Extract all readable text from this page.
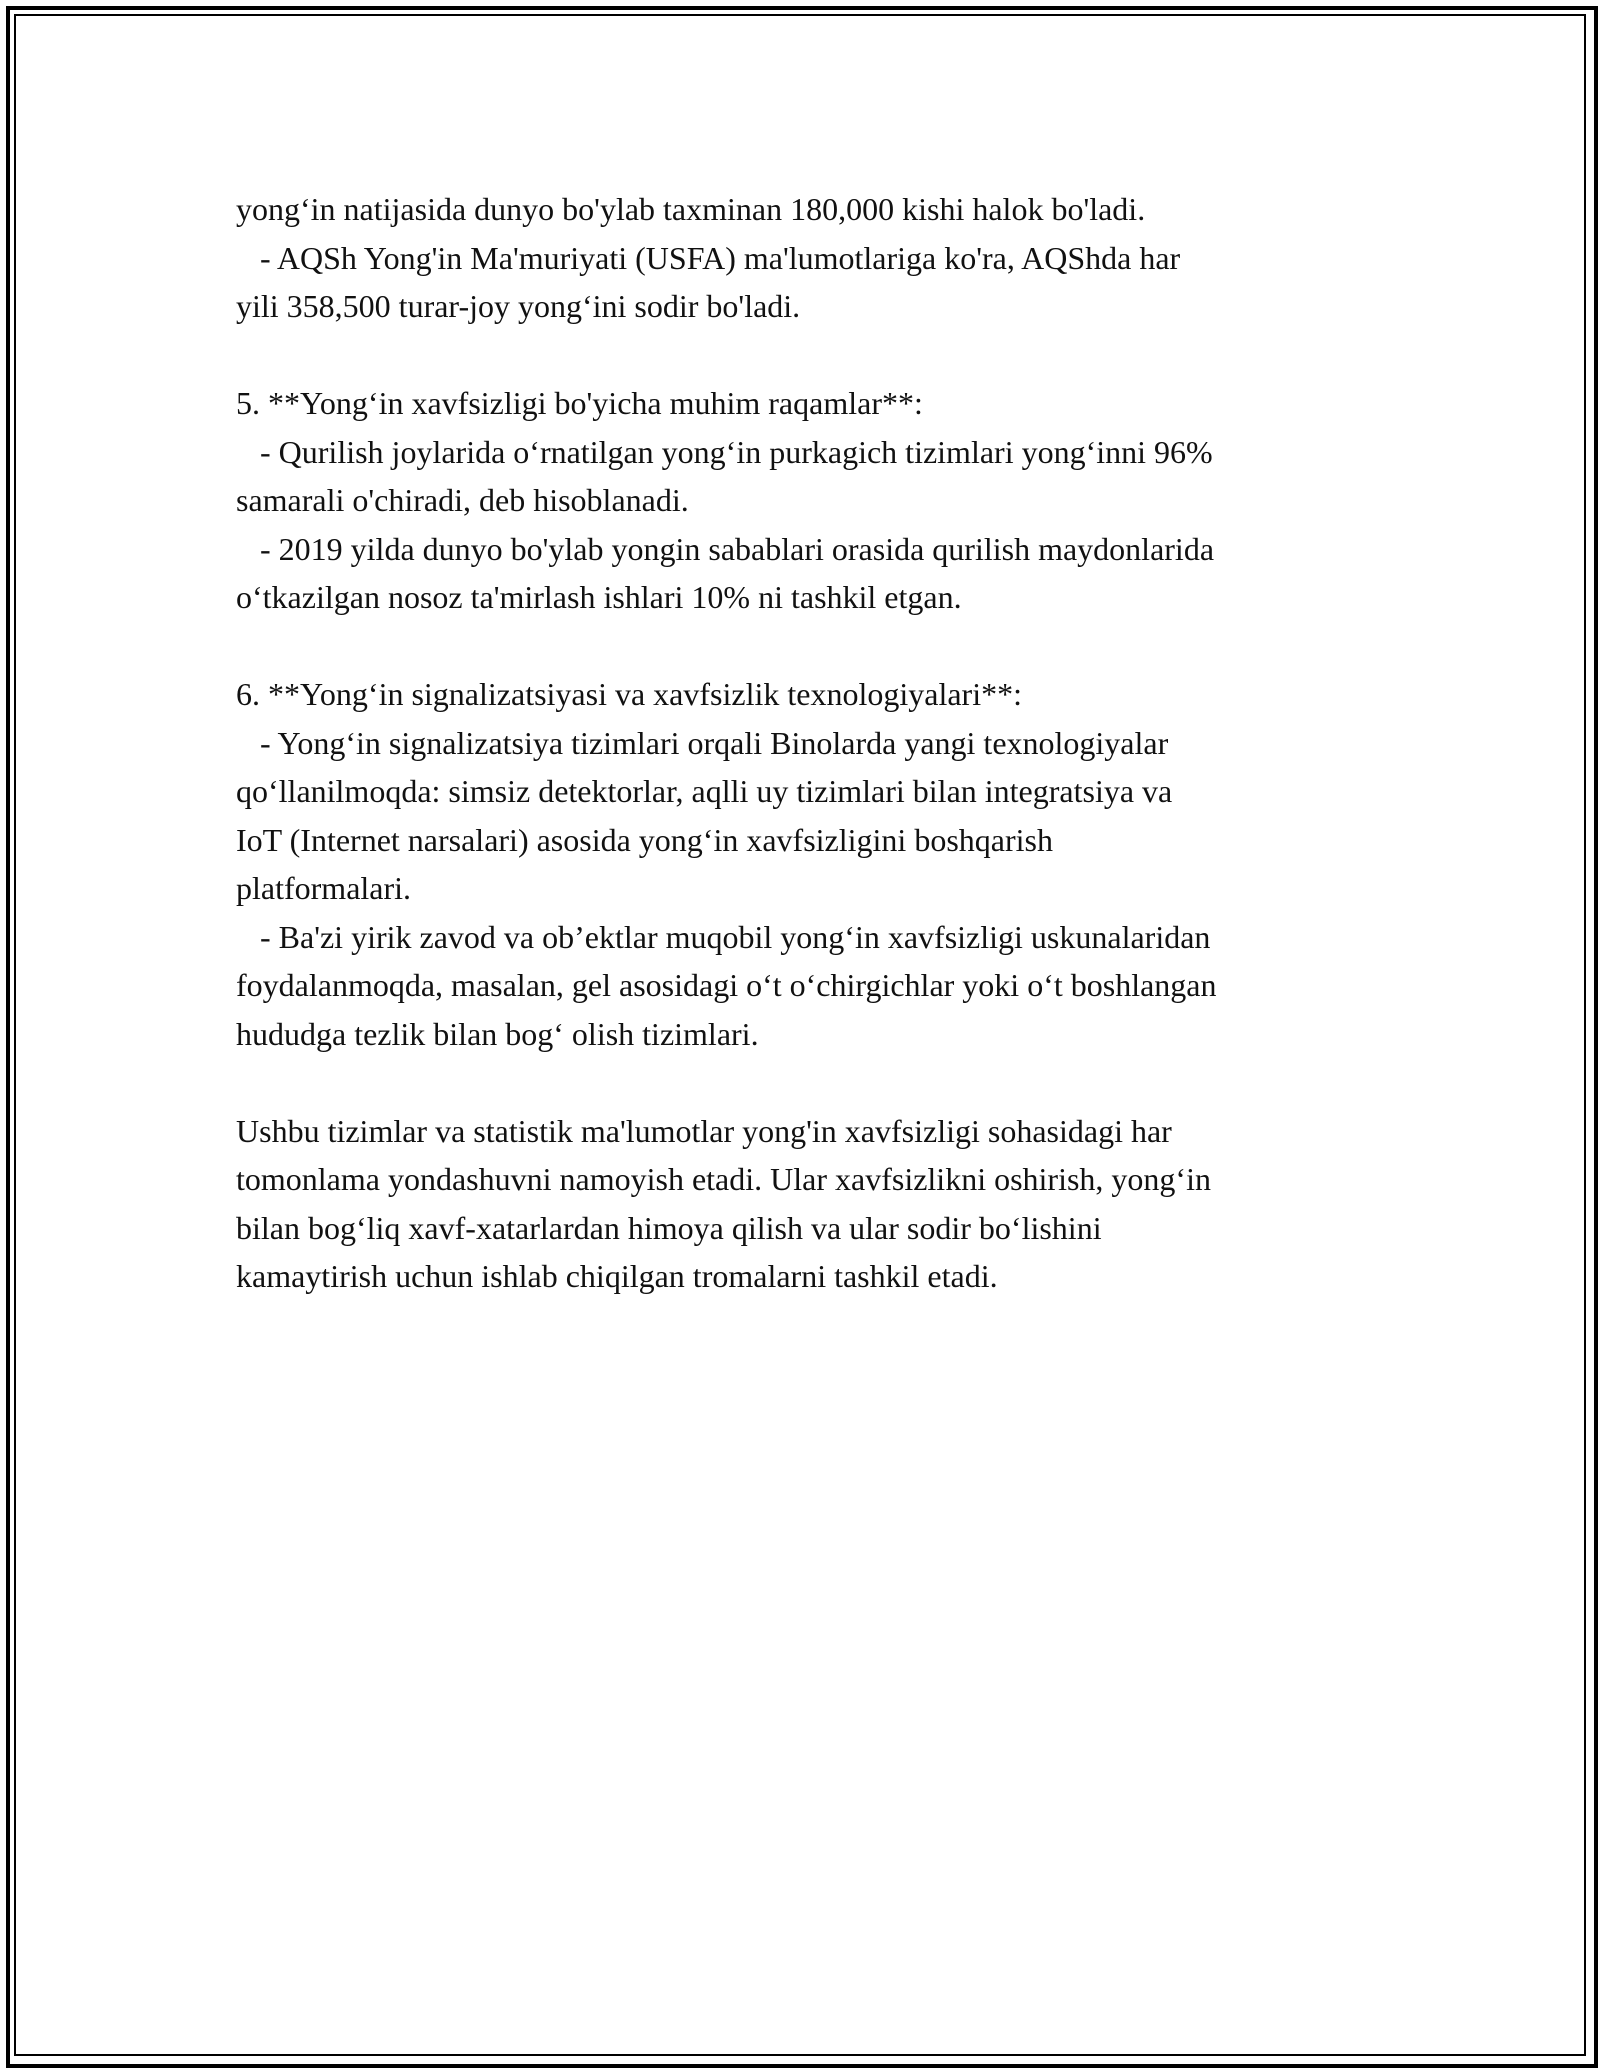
yong‘in natijasida dunyo bo'ylab taxminan 180,000 kishi halok bo'ladi.

- AQSh Yong'in Ma'muriyati (USFA) ma'lumotlariga ko'ra, AQShda har

yili 358,500 turar-joy yong‘ini sodir bo'ladi.

5. **Yong‘in xavfsizligi bo'yicha muhim raqamlar**:

- Qurilish joylarida o‘rnatilgan yong‘in purkagich tizimlari yong‘inni 96%

samarali o'chiradi, deb hisoblanadi.

- 2019 yilda dunyo bo'ylab yongin sabablari orasida qurilish maydonlarida

o‘tkazilgan nosoz ta'mirlash ishlari 10% ni tashkil etgan.

6. **Yong‘in signalizatsiyasi va xavfsizlik texnologiyalari**:

- Yong‘in signalizatsiya tizimlari orqali Binolarda yangi texnologiyalar

qo‘llanilmoqda: simsiz detektorlar, aqlli uy tizimlari bilan integratsiya va

IoT (Internet narsalari) asosida yong‘in xavfsizligini boshqarish

platformalari.

- Ba'zi yirik zavod va ob’ektlar muqobil yong‘in xavfsizligi uskunalaridan

foydalanmoqda, masalan, gel asosidagi o‘t o‘chirgichlar yoki o‘t boshlangan

hududga tezlik bilan bog‘ olish tizimlari.

Ushbu tizimlar va statistik ma'lumotlar yong'in xavfsizligi sohasidagi har

tomonlama yondashuvni namoyish etadi. Ular xavfsizlikni oshirish, yong‘in

bilan bog‘liq xavf-xatarlardan himoya qilish va ular sodir bo‘lishini

kamaytirish uchun ishlab chiqilgan tromalarni tashkil etadi.
